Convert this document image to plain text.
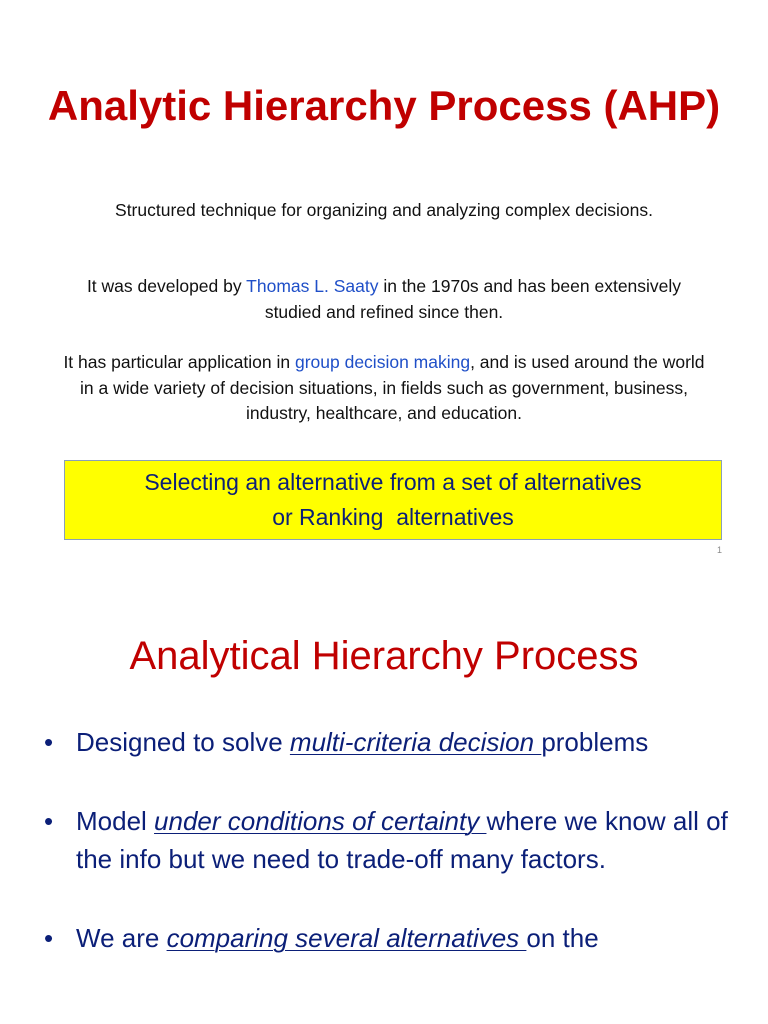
Analytic Hierarchy Process (AHP)
Structured technique for organizing and analyzing complex decisions.
It was developed by Thomas L. Saaty in the 1970s and has been extensively studied and refined since then.
It has particular application in group decision making, and is used around the world in a wide variety of decision situations, in fields such as government, business, industry, healthcare, and education.
Selecting an alternative from a set of alternatives
or Ranking  alternatives
1
Analytical Hierarchy Process
• Designed to solve multi-criteria decision problems
• Model under conditions of certainty where we know all of the info but we need to trade-off many factors.
• We are comparing several alternatives on the
